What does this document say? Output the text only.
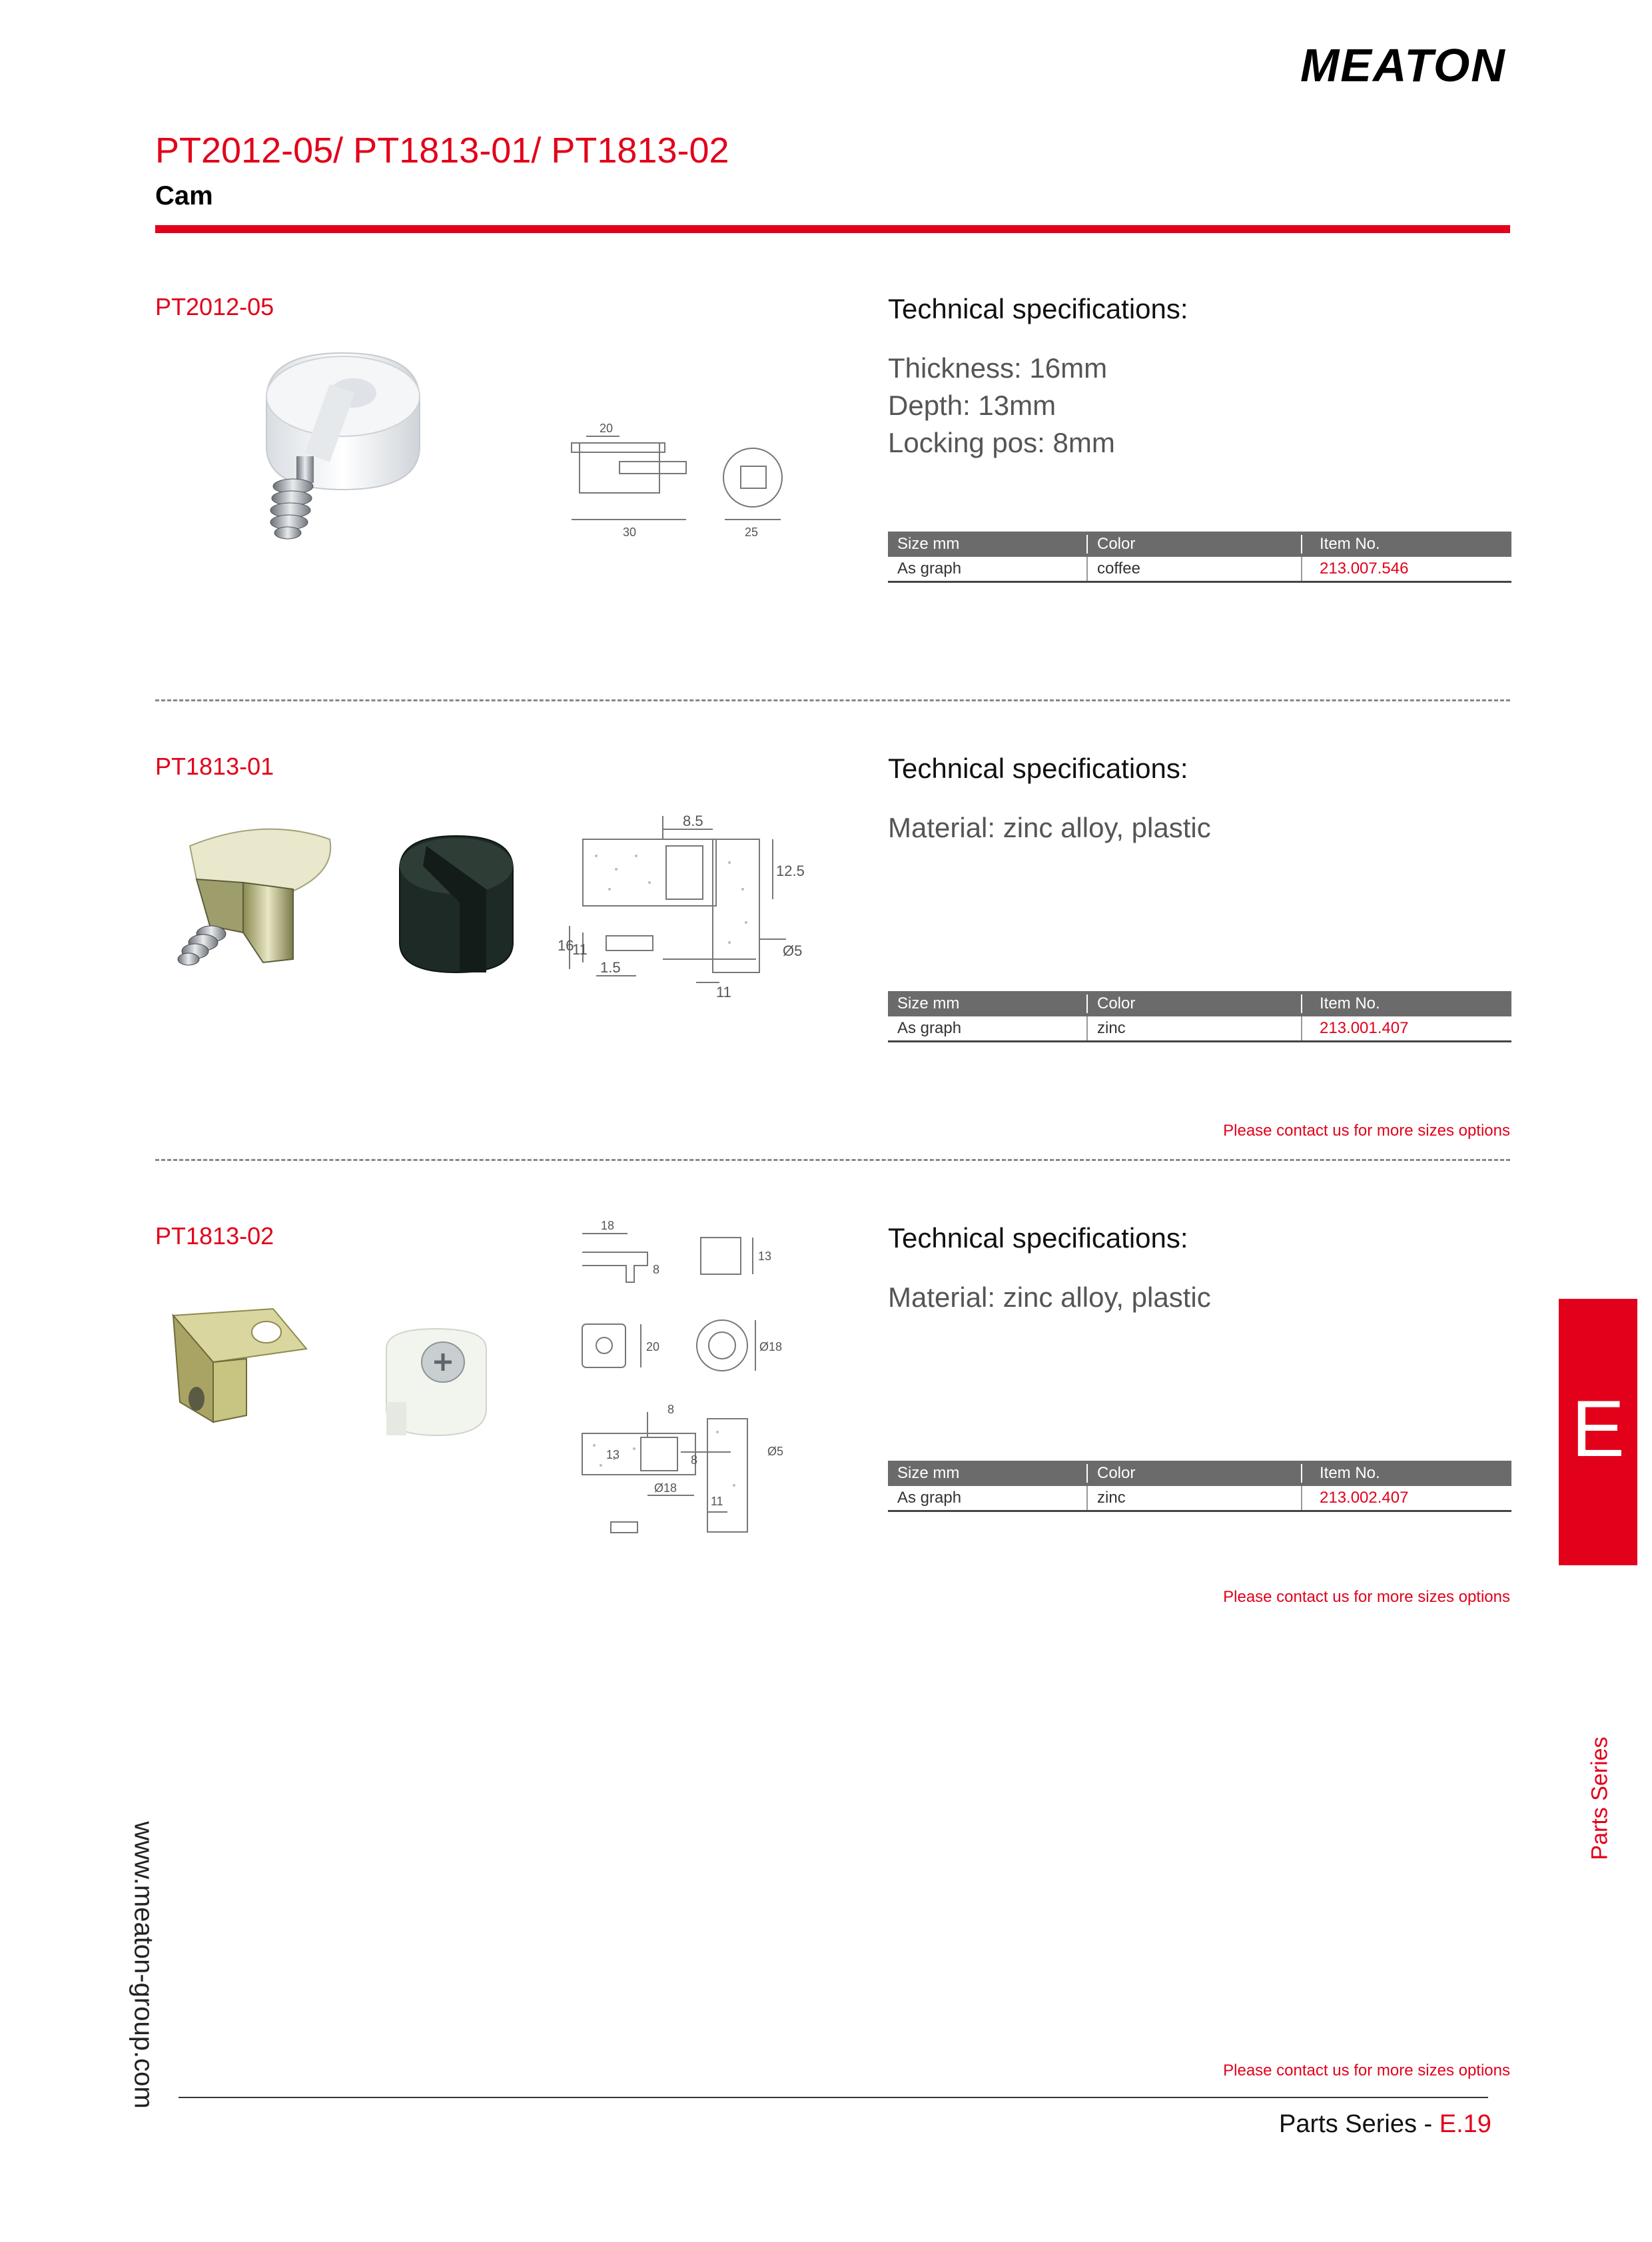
MEATON
PT2012-05/ PT1813-01/ PT1813-02
Cam
PT2012-05
20
30	25
Technical specifications:
Thickness: 16mm
Depth: 13mm
Locking pos: 8mm
Size mm	Color	Item No.
As graph	coffee	213.007.546
PT1813-01
8.5
12.5
Ø5
16
11
1.5
11
Technical specifications:
Material: zinc alloy, plastic
Size mm	Color	Item No.
As graph	zinc	213.001.407
Please contact us for more sizes options
PT1813-02	18
8
13
20	Ø18
8
13	8
Ø5
Ø18
11
Technical specifications:
Material: zinc alloy, plastic
Size mm	Color	Item No.
As graph	zinc	213.002.407
Please contact us for more sizes options
E
Parts Series
www.meaton-group.com	Please contact us for more sizes options
Parts Series - E.19
